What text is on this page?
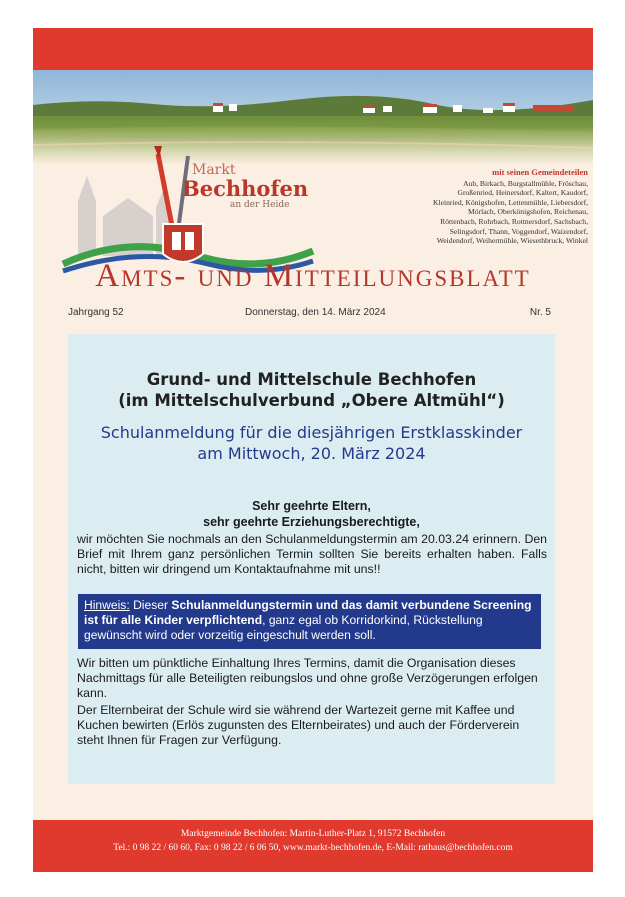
Markt
Bechhofen
an der Heide
mit seinen Gemeindeteilen
Aub, Birkach, Burgstallmühle, Fröschau,
Großenried, Heinersdorf, Kaltert, Kaudorf,
Kleinried, Königshofen, Lettenmühle, Liebersdorf,
Mörlach, Oberkönigshofen, Reichenau,
Röttenbach, Rohrbach, Rottnersdorf, Sachsbach,
Selingsdorf, Thann, Voggendorf, Waizendorf,
Weidendorf, Weihermühle, Wiesethbruck, Winkel
Amts- und Mitteilungsblatt
Jahrgang 52	Donnerstag, den 14. März 2024	Nr. 5
Grund- und Mittelschule Bechhofen
(im Mittelschulverbund „Obere Altmühl“)
Schulanmeldung für die diesjährigen Erstklasskinder
am Mittwoch, 20. März 2024
Sehr geehrte Eltern,
sehr geehrte Erziehungsberechtigte,
wir möchten Sie nochmals an den Schulanmeldungstermin am 20.03.24 erinnern. Den Brief mit Ihrem ganz persönlichen Termin sollten Sie bereits erhalten haben. Falls nicht, bitten wir dringend um Kontaktaufnahme mit uns!!
Hinweis: Dieser Schulanmeldungstermin und das damit verbundene Screening ist für alle Kinder verpflichtend, ganz egal ob Korridorkind, Rückstellung gewünscht wird oder vorzeitig eingeschult werden soll.
Wir bitten um pünktliche Einhaltung Ihres Termins, damit die Organisation dieses Nachmittags für alle Beteiligten reibungslos und ohne große Verzögerungen erfolgen kann.
Der Elternbeirat der Schule wird sie während der Wartezeit gerne mit Kaffee und Kuchen bewirten (Erlös zugunsten des Elternbeirates) und auch der Förderverein steht Ihnen für Fragen zur Verfügung.
Marktgemeinde Bechhofen: Martin-Luther-Platz 1, 91572 Bechhofen
Tel.: 0 98 22 / 60 60, Fax: 0 98 22 / 6 06 50, www.markt-bechhofen.de, E-Mail: rathaus@bechhofen.com
